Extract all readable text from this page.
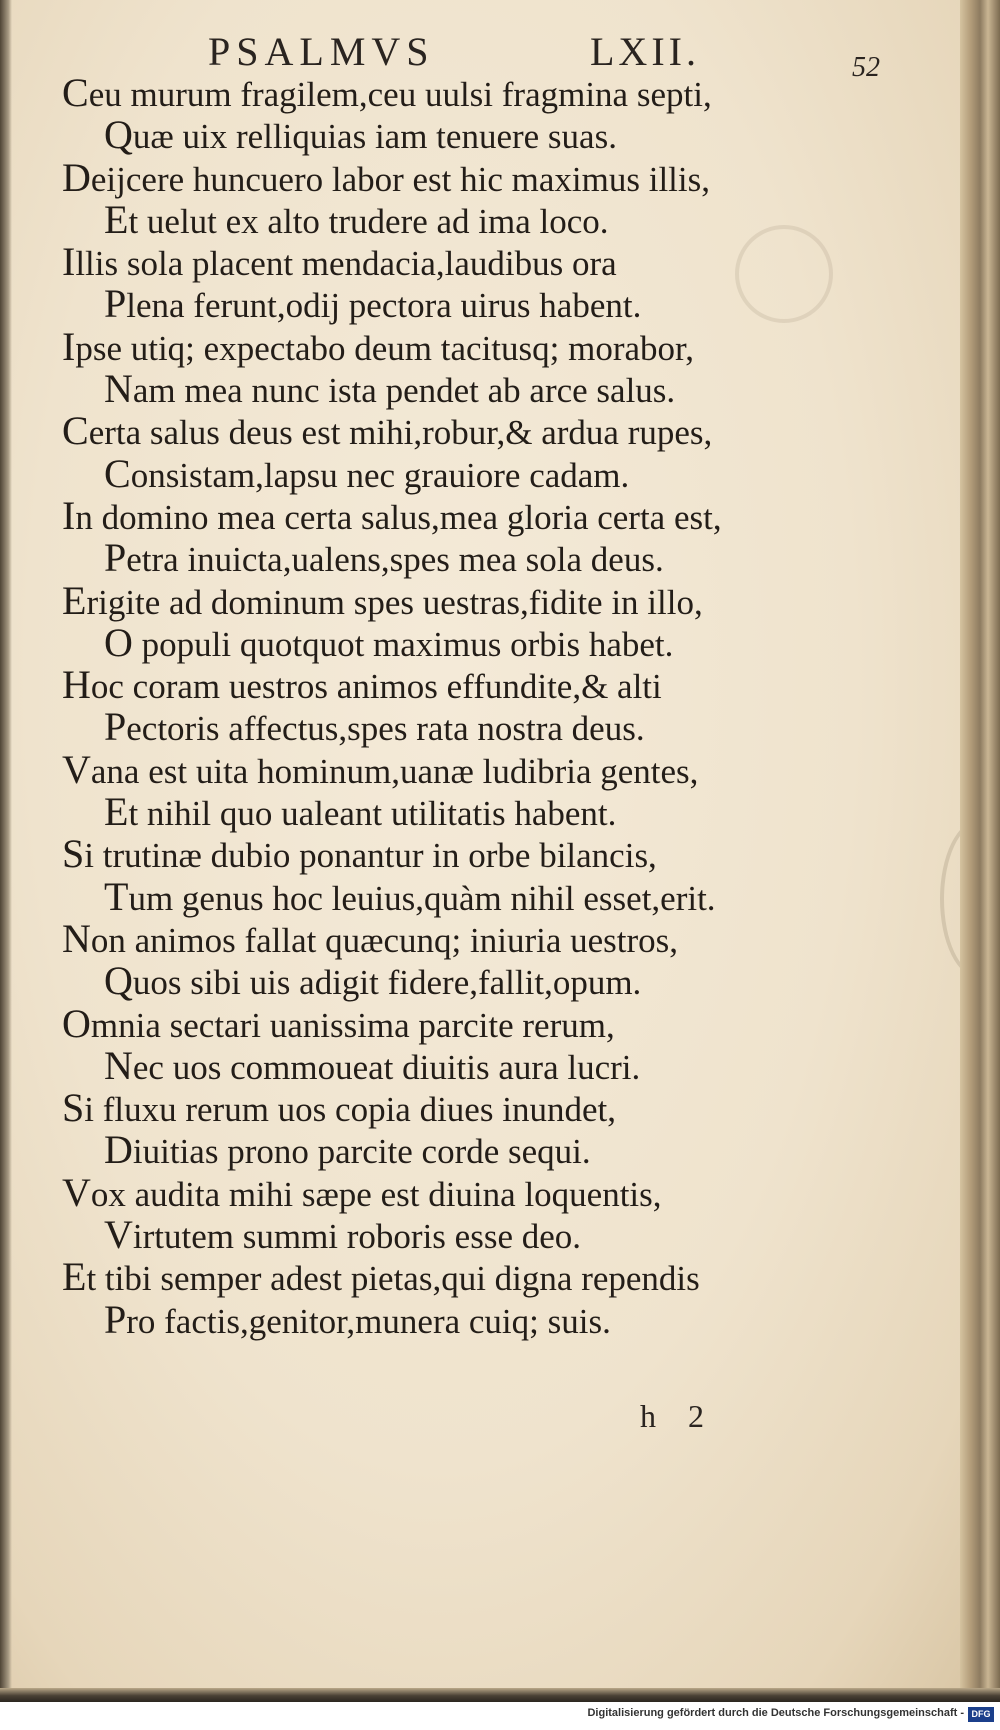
PSALMVS	LXII.	52
Ceu murum fragilem,ceu uulsi fragmina septi,
Quæ uix relliquias iam tenuere suas.
Deijcere huncuero labor est hic maximus illis,
Et uelut ex alto trudere ad ima loco.
Illis sola placent mendacia,laudibus ora
Plena ferunt,odij pectora uirus habent.
Ipse utiq; expectabo deum tacitusq; morabor,
Nam mea nunc ista pendet ab arce salus.
Certa salus deus est mihi,robur,& ardua rupes,
Consistam,lapsu nec grauiore cadam.
In domino mea certa salus,mea gloria certa est,
Petra inuicta,ualens,spes mea sola deus.
Erigite ad dominum spes uestras,fidite in illo,
O populi quotquot maximus orbis habet.
Hoc coram uestros animos effundite,& alti
Pectoris affectus,spes rata nostra deus.
Vana est uita hominum,uanæ ludibria gentes,
Et nihil quo ualeant utilitatis habent.
Si trutinæ dubio ponantur in orbe bilancis,
Tum genus hoc leuius,quàm nihil esset,erit.
Non animos fallat quæcunq; iniuria uestros,
Quos sibi uis adigit fidere,fallit,opum.
Omnia sectari uanissima parcite rerum,
Nec uos commoueat diuitis aura lucri.
Si fluxu rerum uos copia diues inundet,
Diuitias prono parcite corde sequi.
Vox audita mihi sæpe est diuina loquentis,
Virtutem summi roboris esse deo.
Et tibi semper adest pietas,qui digna rependis
Pro factis,genitor,munera cuiq; suis.
h 2
Digitalisierung gefördert durch die Deutsche Forschungsgemeinschaft - DFG
